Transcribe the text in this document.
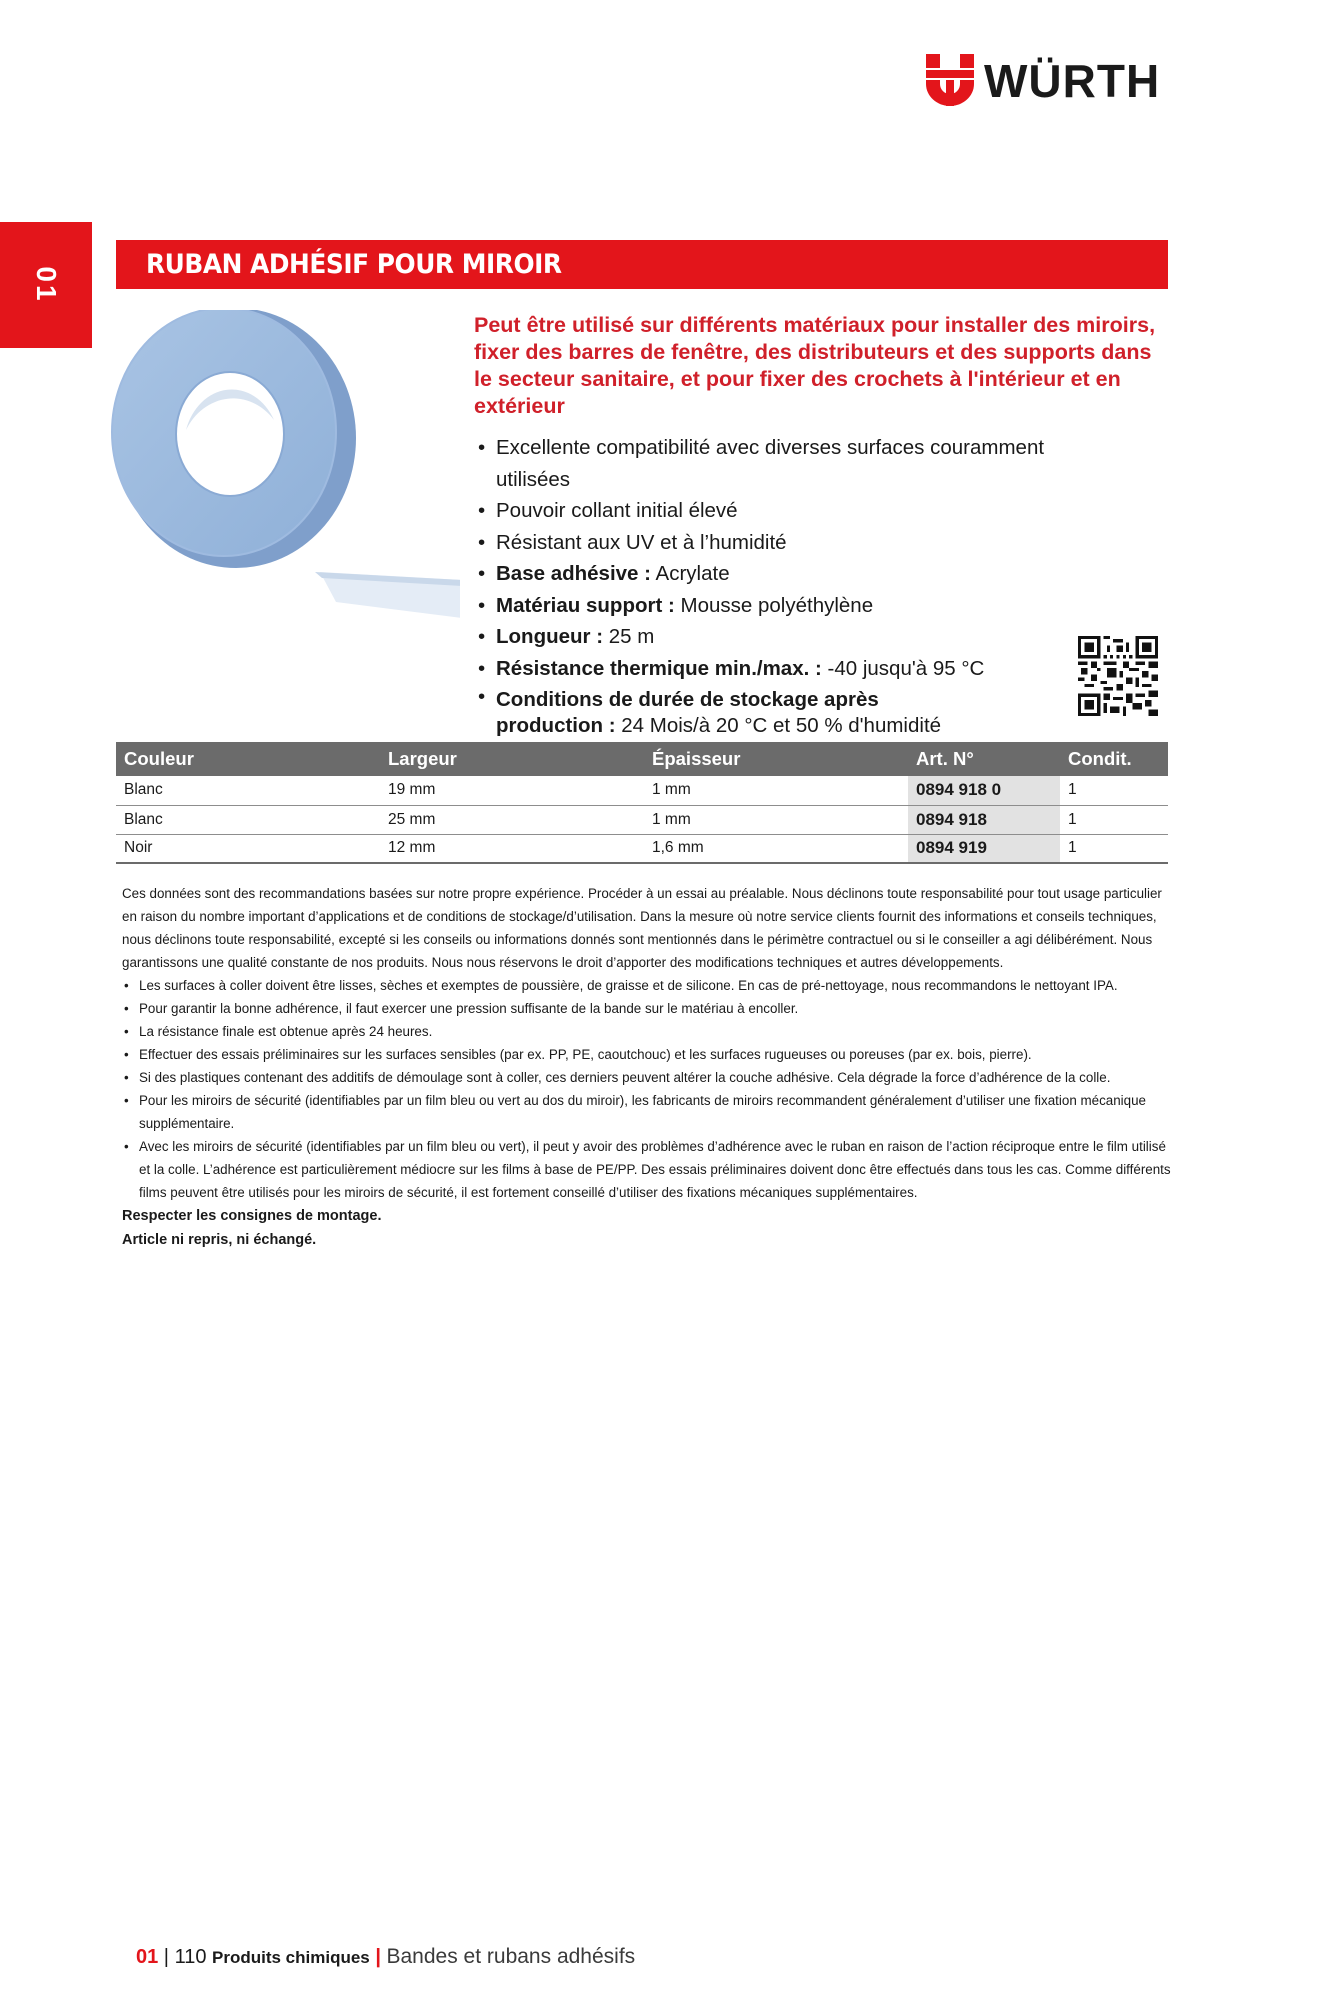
01
WÜRTH
RUBAN ADHÉSIF POUR MIROIR

Peut être utilisé sur différents matériaux pour installer des miroirs, fixer des barres de fenêtre, des distributeurs et des supports dans le secteur sanitaire, et pour fixer des crochets à l'intérieur et en extérieur

• Excellente compatibilité avec diverses surfaces couramment utilisées
• Pouvoir collant initial élevé
• Résistant aux UV et à l’humidité
• Base adhésive : Acrylate
• Matériau support : Mousse polyéthylène
• Longueur : 25 m
• Résistance thermique min./max. : -40 jusqu'à 95 °C
• Conditions de durée de stockage après
production : 24 Mois/à 20 °C et 50 % d'humidité
Couleur	Largeur	Épaisseur	Art. N°	Condit.
Blanc	19 mm	1 mm	0894 918 0	1
Blanc	25 mm	1 mm	0894 918	1
Noir	12 mm	1,6 mm	0894 919	1

Ces données sont des recommandations basées sur notre propre expérience. Procéder à un essai au préalable. Nous déclinons toute responsabilité pour tout usage particulier en raison du nombre important d’applications et de conditions de stockage/d’utilisation. Dans la mesure où notre service clients fournit des informations et conseils techniques, nous déclinons toute responsabilité, excepté si les conseils ou informations donnés sont mentionnés dans le périmètre contractuel ou si le conseiller a agi délibérément. Nous garantissons une qualité constante de nos produits. Nous nous réservons le droit d’apporter des modifications techniques et autres développements.

• Les surfaces à coller doivent être lisses, sèches et exemptes de poussière, de graisse et de silicone. En cas de pré-nettoyage, nous recommandons le nettoyant IPA.
• Pour garantir la bonne adhérence, il faut exercer une pression suffisante de la bande sur le matériau à encoller.
• La résistance finale est obtenue après 24 heures.
• Effectuer des essais préliminaires sur les surfaces sensibles (par ex. PP, PE, caoutchouc) et les surfaces rugueuses ou poreuses (par ex. bois, pierre).
• Si des plastiques contenant des additifs de démoulage sont à coller, ces derniers peuvent altérer la couche adhésive. Cela dégrade la force d’adhérence de la colle.
• Pour les miroirs de sécurité (identifiables par un film bleu ou vert au dos du miroir), les fabricants de miroirs recommandent généralement d’utiliser une fixation mécanique supplémentaire.
• Avec les miroirs de sécurité (identifiables par un film bleu ou vert), il peut y avoir des problèmes d’adhérence avec le ruban en raison de l’action réciproque entre le film utilisé et la colle. L’adhérence est particulièrement médiocre sur les films à base de PE/PP. Des essais préliminaires doivent donc être effectués dans tous les cas. Comme différents films peuvent être utilisés pour les miroirs de sécurité, il est fortement conseillé d’utiliser des fixations mécaniques supplémentaires.

Respecter les consignes de montage.

Article ni repris, ni échangé.

01 | 110 Produits chimiques | Bandes et rubans adhésifs
